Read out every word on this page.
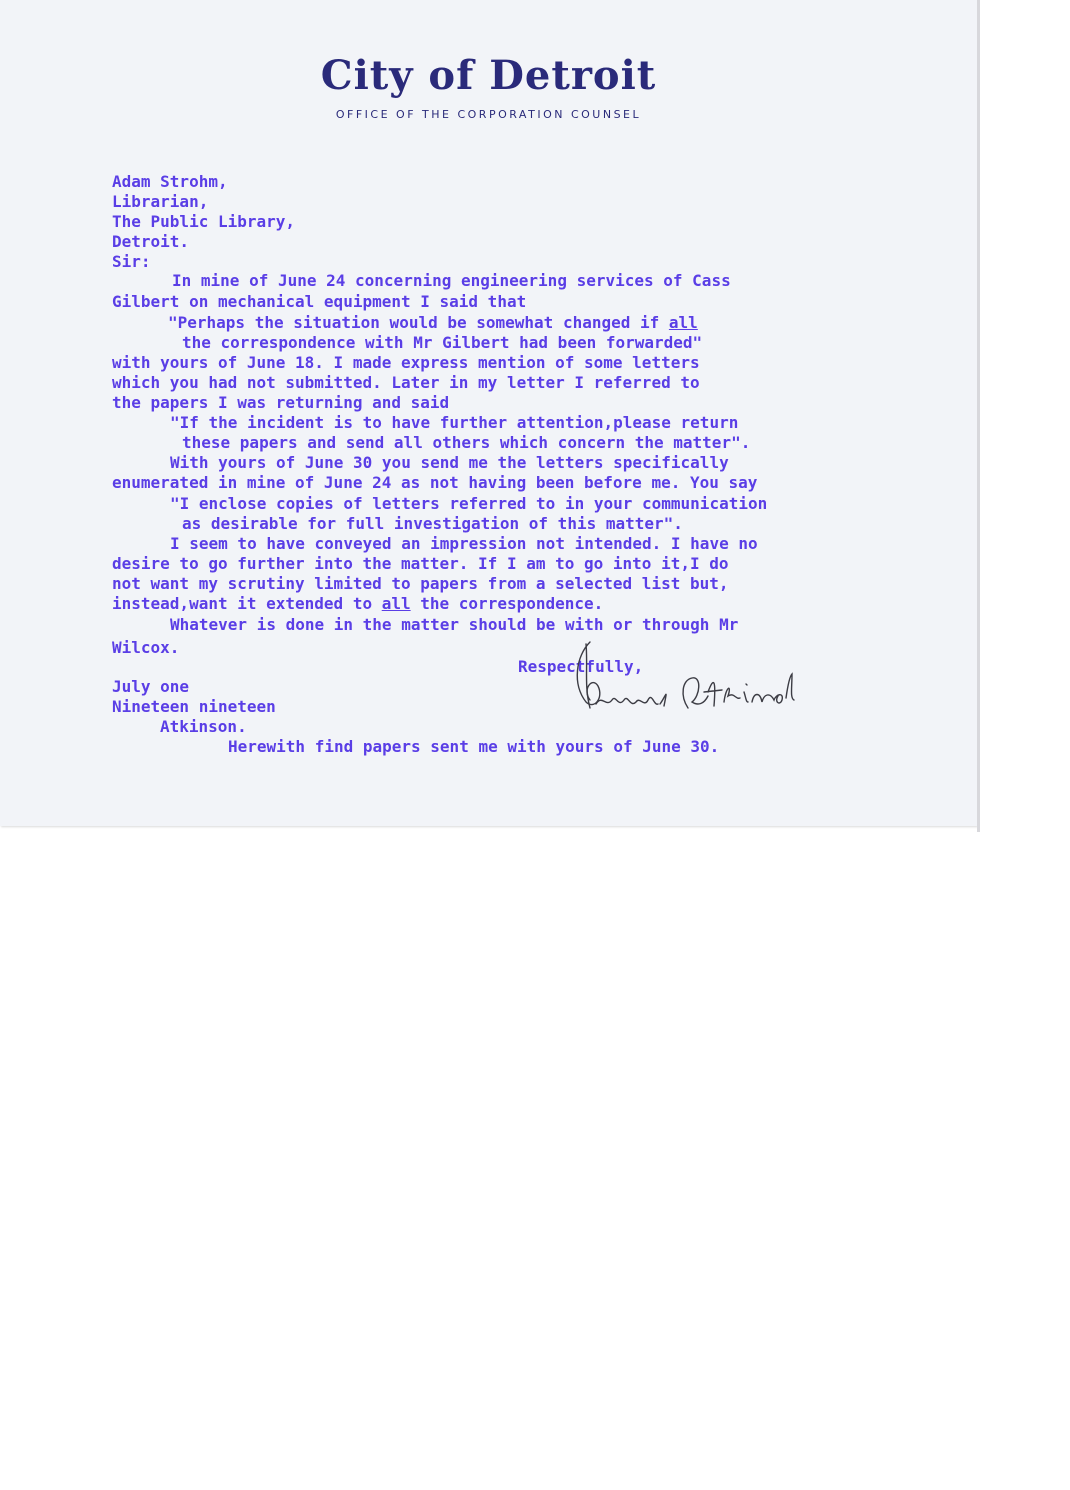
City of Detroit
OFFICE OF THE CORPORATION COUNSEL
Adam Strohm,
Librarian,
The Public Library,
Detroit.
Sir:
In mine of June 24 concerning engineering services of Cass
Gilbert on mechanical equipment I said that
"Perhaps the situation would be somewhat changed if all
the correspondence with Mr Gilbert had been forwarded"
with yours of June 18. I made express mention of some letters
which you had not submitted. Later in my letter I referred to
the papers I was returning and said
"If the incident is to have further attention,please return
these papers and send all others which concern the matter".
With yours of June 30 you send me the letters specifically
enumerated in mine of June 24 as not having been before me. You say
"I enclose copies of letters referred to in your communication
as desirable for full investigation of this matter".
I seem to have conveyed an impression not intended. I have no
desire to go further into the matter. If I am to go into it,I do
not want my scrutiny limited to papers from a selected list but,
instead,want it extended to all the correspondence.
Whatever is done in the matter should be with or through Mr
Wilcox.
Respectfully,
July one
Nineteen nineteen
Atkinson.
Herewith find papers sent me with yours of June 30.
